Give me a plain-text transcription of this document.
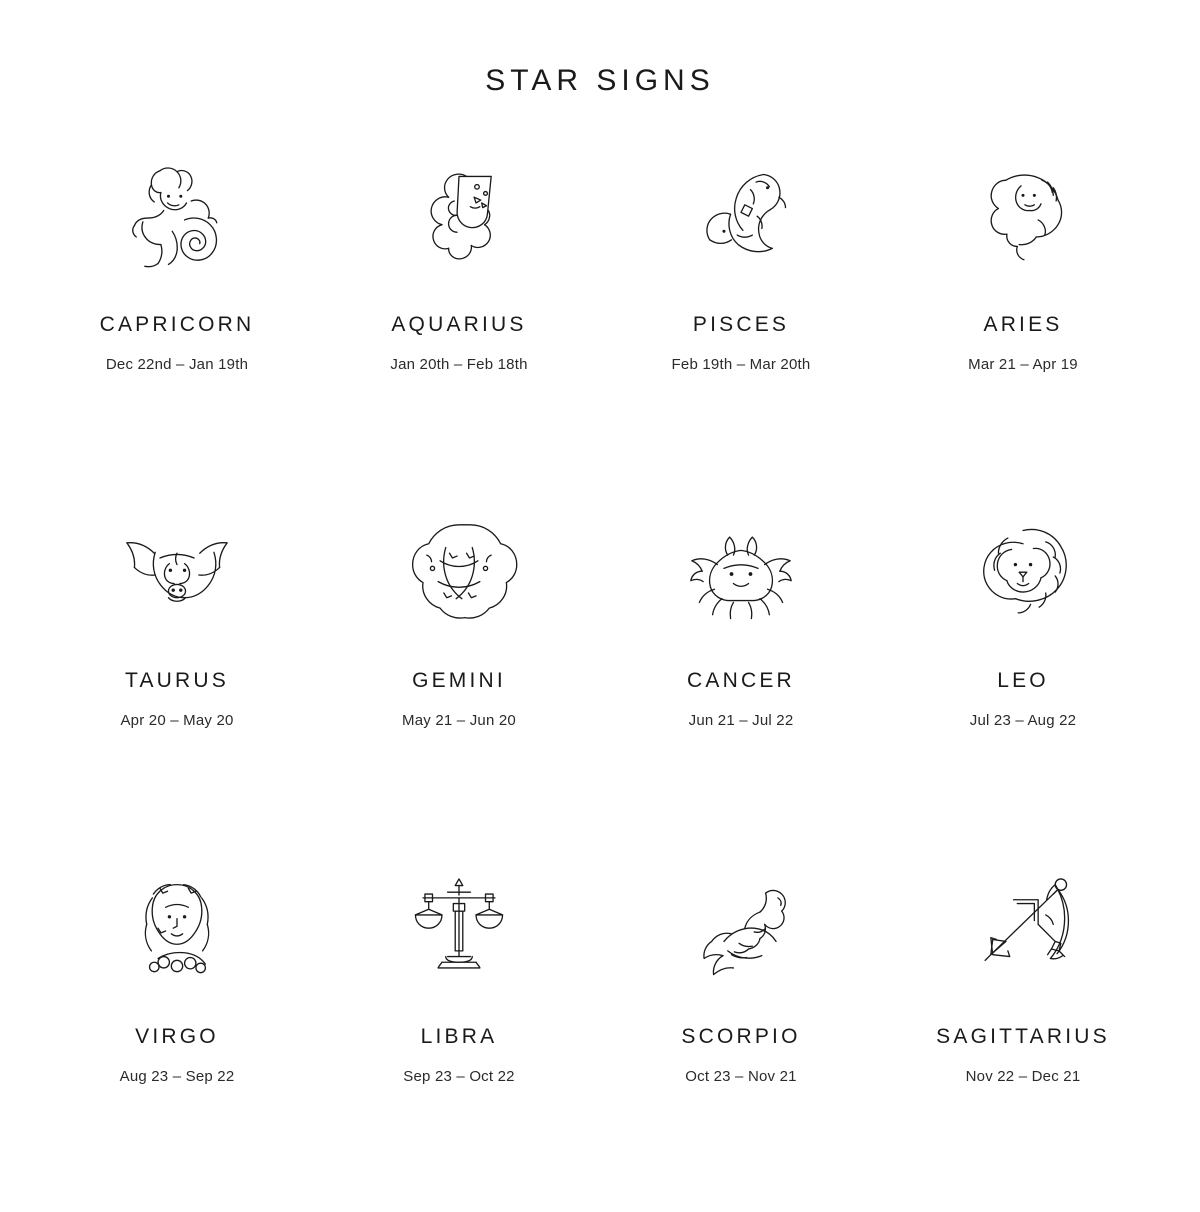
STAR SIGNS
CAPRICORN
Dec 22nd – Jan 19th
AQUARIUS
Jan 20th – Feb 18th
PISCES
Feb 19th – Mar 20th
ARIES
Mar 21 – Apr 19
TAURUS
Apr 20 – May 20
GEMINI
May 21 – Jun 20
CANCER
Jun 21 – Jul 22
LEO
Jul 23 – Aug 22
VIRGO
Aug 23 – Sep 22
LIBRA
Sep 23 – Oct 22
SCORPIO
Oct 23 – Nov 21
SAGITTARIUS
Nov 22 – Dec 21
